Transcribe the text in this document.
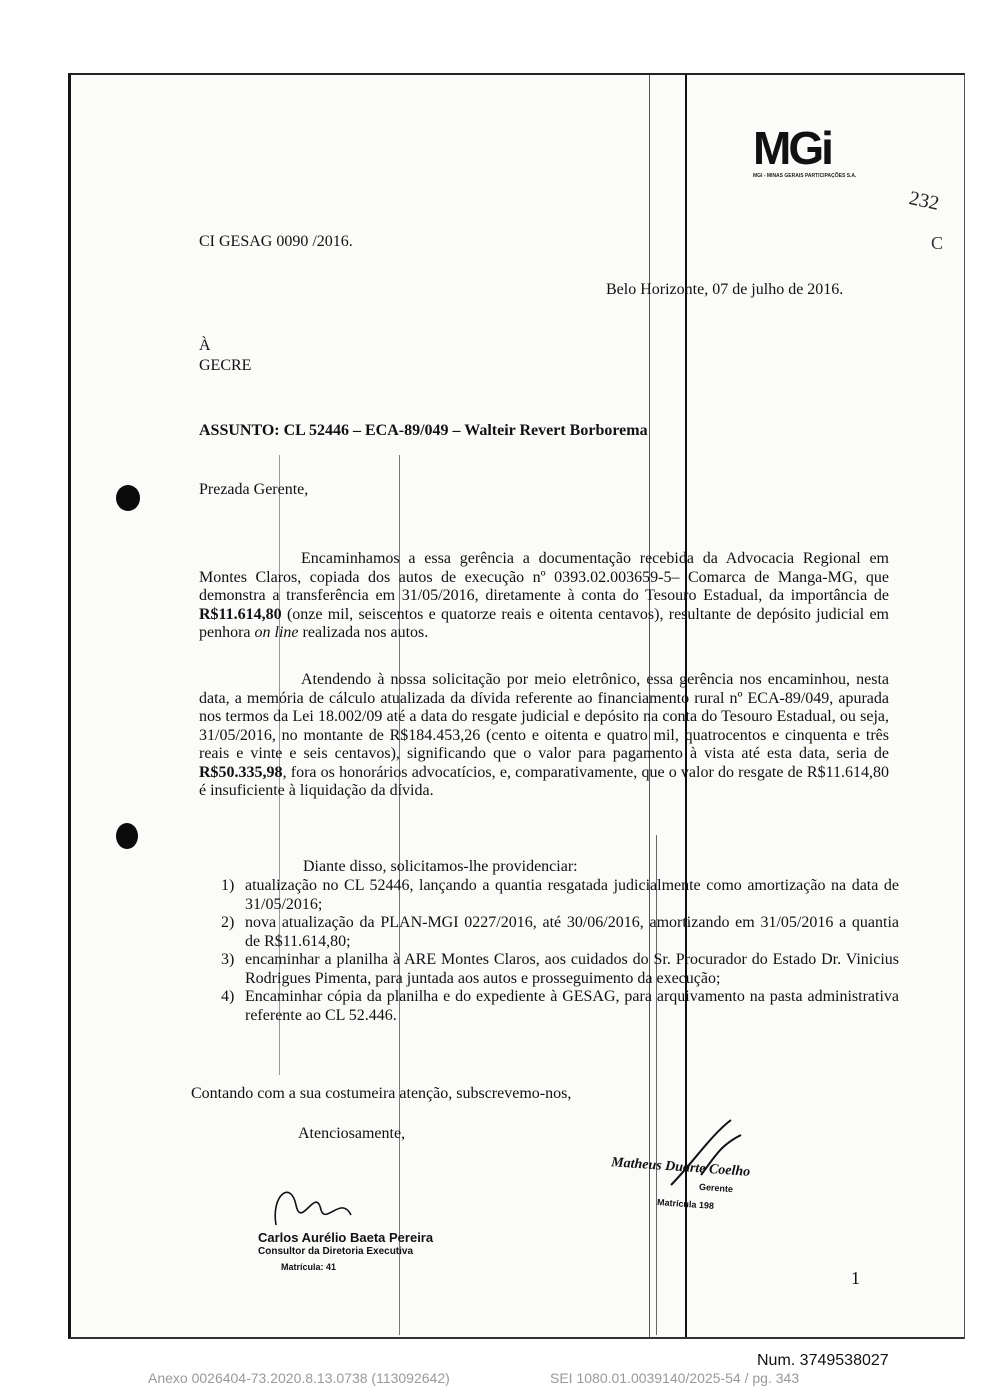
MGi
MGI - MINAS GERAIS PARTICIPAÇÕES S.A.
232
C
CI GESAG 0090 /2016.
Belo Horizonte, 07 de julho de 2016.
À
GECRE
ASSUNTO: CL 52446 – ECA-89/049 – Walteir Revert Borborema
Prezada Gerente,
Encaminhamos a essa gerência a documentação recebida da Advocacia Regional em Montes Claros, copiada dos autos de execução nº 0393.02.003659-5– Comarca de Manga-MG, que demonstra a transferência em 31/05/2016, diretamente à conta do Tesouro Estadual, da importância de R$11.614,80 (onze mil, seiscentos e quatorze reais e oitenta centavos), resultante de depósito judicial em penhora on line realizada nos autos.
Atendendo à nossa solicitação por meio eletrônico, essa gerência nos encaminhou, nesta data, a memória de cálculo atualizada da dívida referente ao financiamento rural nº ECA-89/049, apurada nos termos da Lei 18.002/09 até a data do resgate judicial e depósito na conta do Tesouro Estadual, ou seja, 31/05/2016, no montante de R$184.453,26 (cento e oitenta e quatro mil, quatrocentos e cinquenta e três reais e vinte e seis centavos), significando que o valor para pagamento à vista até esta data, seria de R$50.335,98, fora os honorários advocatícios, e, comparativamente, que o valor do resgate de R$11.614,80 é insuficiente à liquidação da dívida.
Diante disso, solicitamos-lhe providenciar:
1) atualização no CL 52446, lançando a quantia resgatada judicialmente como amortização na data de 31/05/2016;
2) nova atualização da PLAN-MGI 0227/2016, até 30/06/2016, amortizando em 31/05/2016 a quantia de R$11.614,80;
3) encaminhar a planilha à ARE Montes Claros, aos cuidados do Sr. Procurador do Estado Dr. Vinicius Rodrigues Pimenta, para juntada aos autos e prosseguimento da execução;
4) Encaminhar cópia da planilha e do expediente à GESAG, para arquivamento na pasta administrativa referente ao CL 52.446.
Contando com a sua costumeira atenção, subscrevemo-nos,
Atenciosamente,
Matheus Duarte Coelho
Gerente
Matrícula 198
Carlos Aurélio Baeta Pereira
Consultor da Diretoria Executiva
Matrícula: 41
1
Num. 3749538027
Anexo 0026404-73.2020.8.13.0738 (113092642)	SEI 1080.01.0039140/2025-54 / pg. 343
